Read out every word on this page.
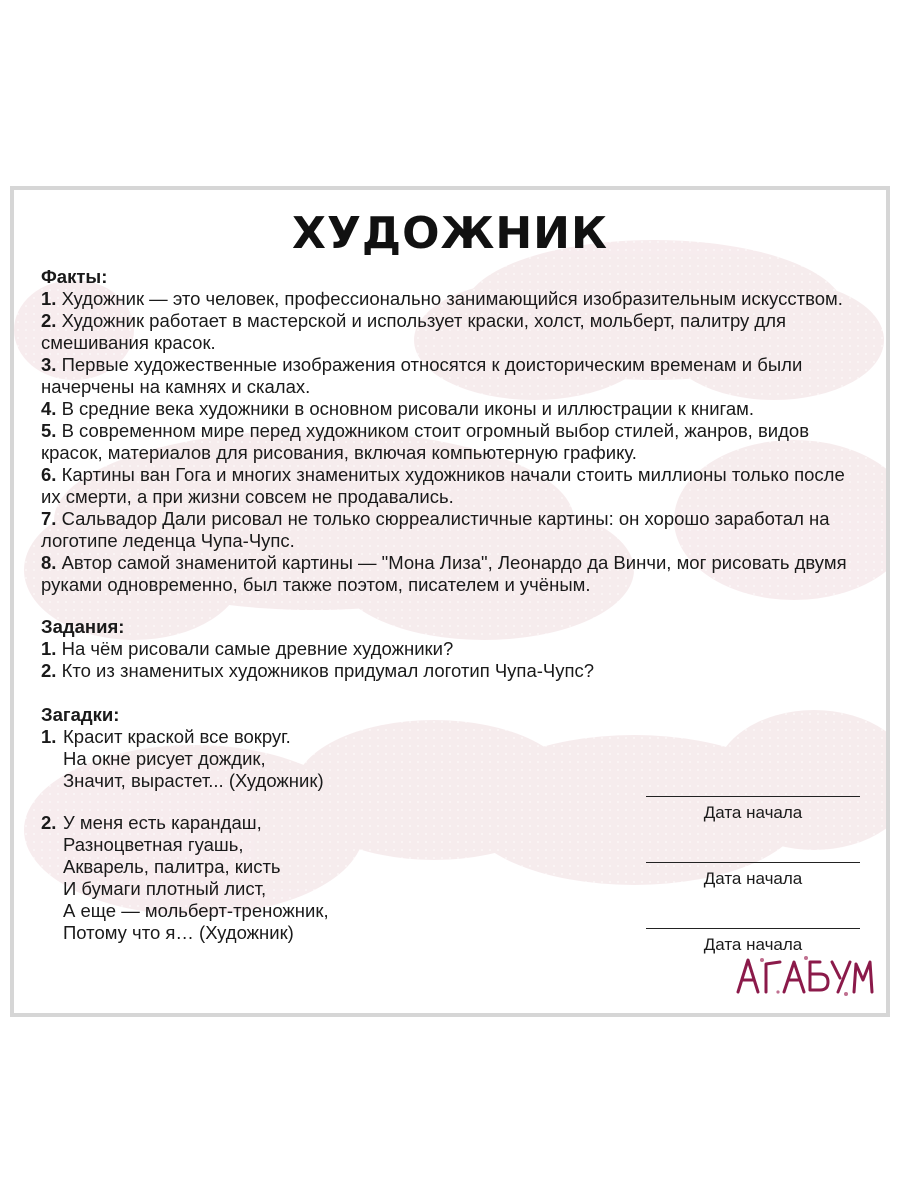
ХУДОЖНИК

Факты:

1. Художник — это человек, профессионально занимающийся изобразительным искусством.

2. Художник работает в мастерской и использует краски, холст, мольберт, палитру для смешивания красок.

3. Первые художественные изображения относятся к доисторическим временам и были начерчены на камнях и скалах.

4. В средние века художники в основном рисовали иконы и иллюстрации к книгам.

5. В современном мире перед художником стоит огромный выбор стилей, жанров, видов красок, материалов для рисования, включая компьютерную графику.

6. Картины ван Гога и многих знаменитых художников начали стоить миллионы только после их смерти, а при жизни совсем не продавались.

7. Сальвадор Дали рисовал не только сюрреалистичные картины: он хорошо заработал на логотипе леденца Чупа-Чупс.

8. Автор самой знаменитой картины — "Мона Лиза", Леонардо да Винчи, мог рисовать двумя руками одновременно, был также поэтом, писателем и учёным.

Задания:

1. На чём рисовали самые древние художники?

2. Кто из знаменитых художников придумал логотип Чупа-Чупс?

Загадки:

1. Красит краской все вокруг.
На окне рисует дождик,
Значит, вырастет... (Художник)
2. У меня есть карандаш,
Разноцветная гуашь,
Акварель, палитра, кисть
И бумаги плотный лист,
А еще — мольберт-треножник,
Потому что я… (Художник)
Дата начала
Дата начала
Дата начала
